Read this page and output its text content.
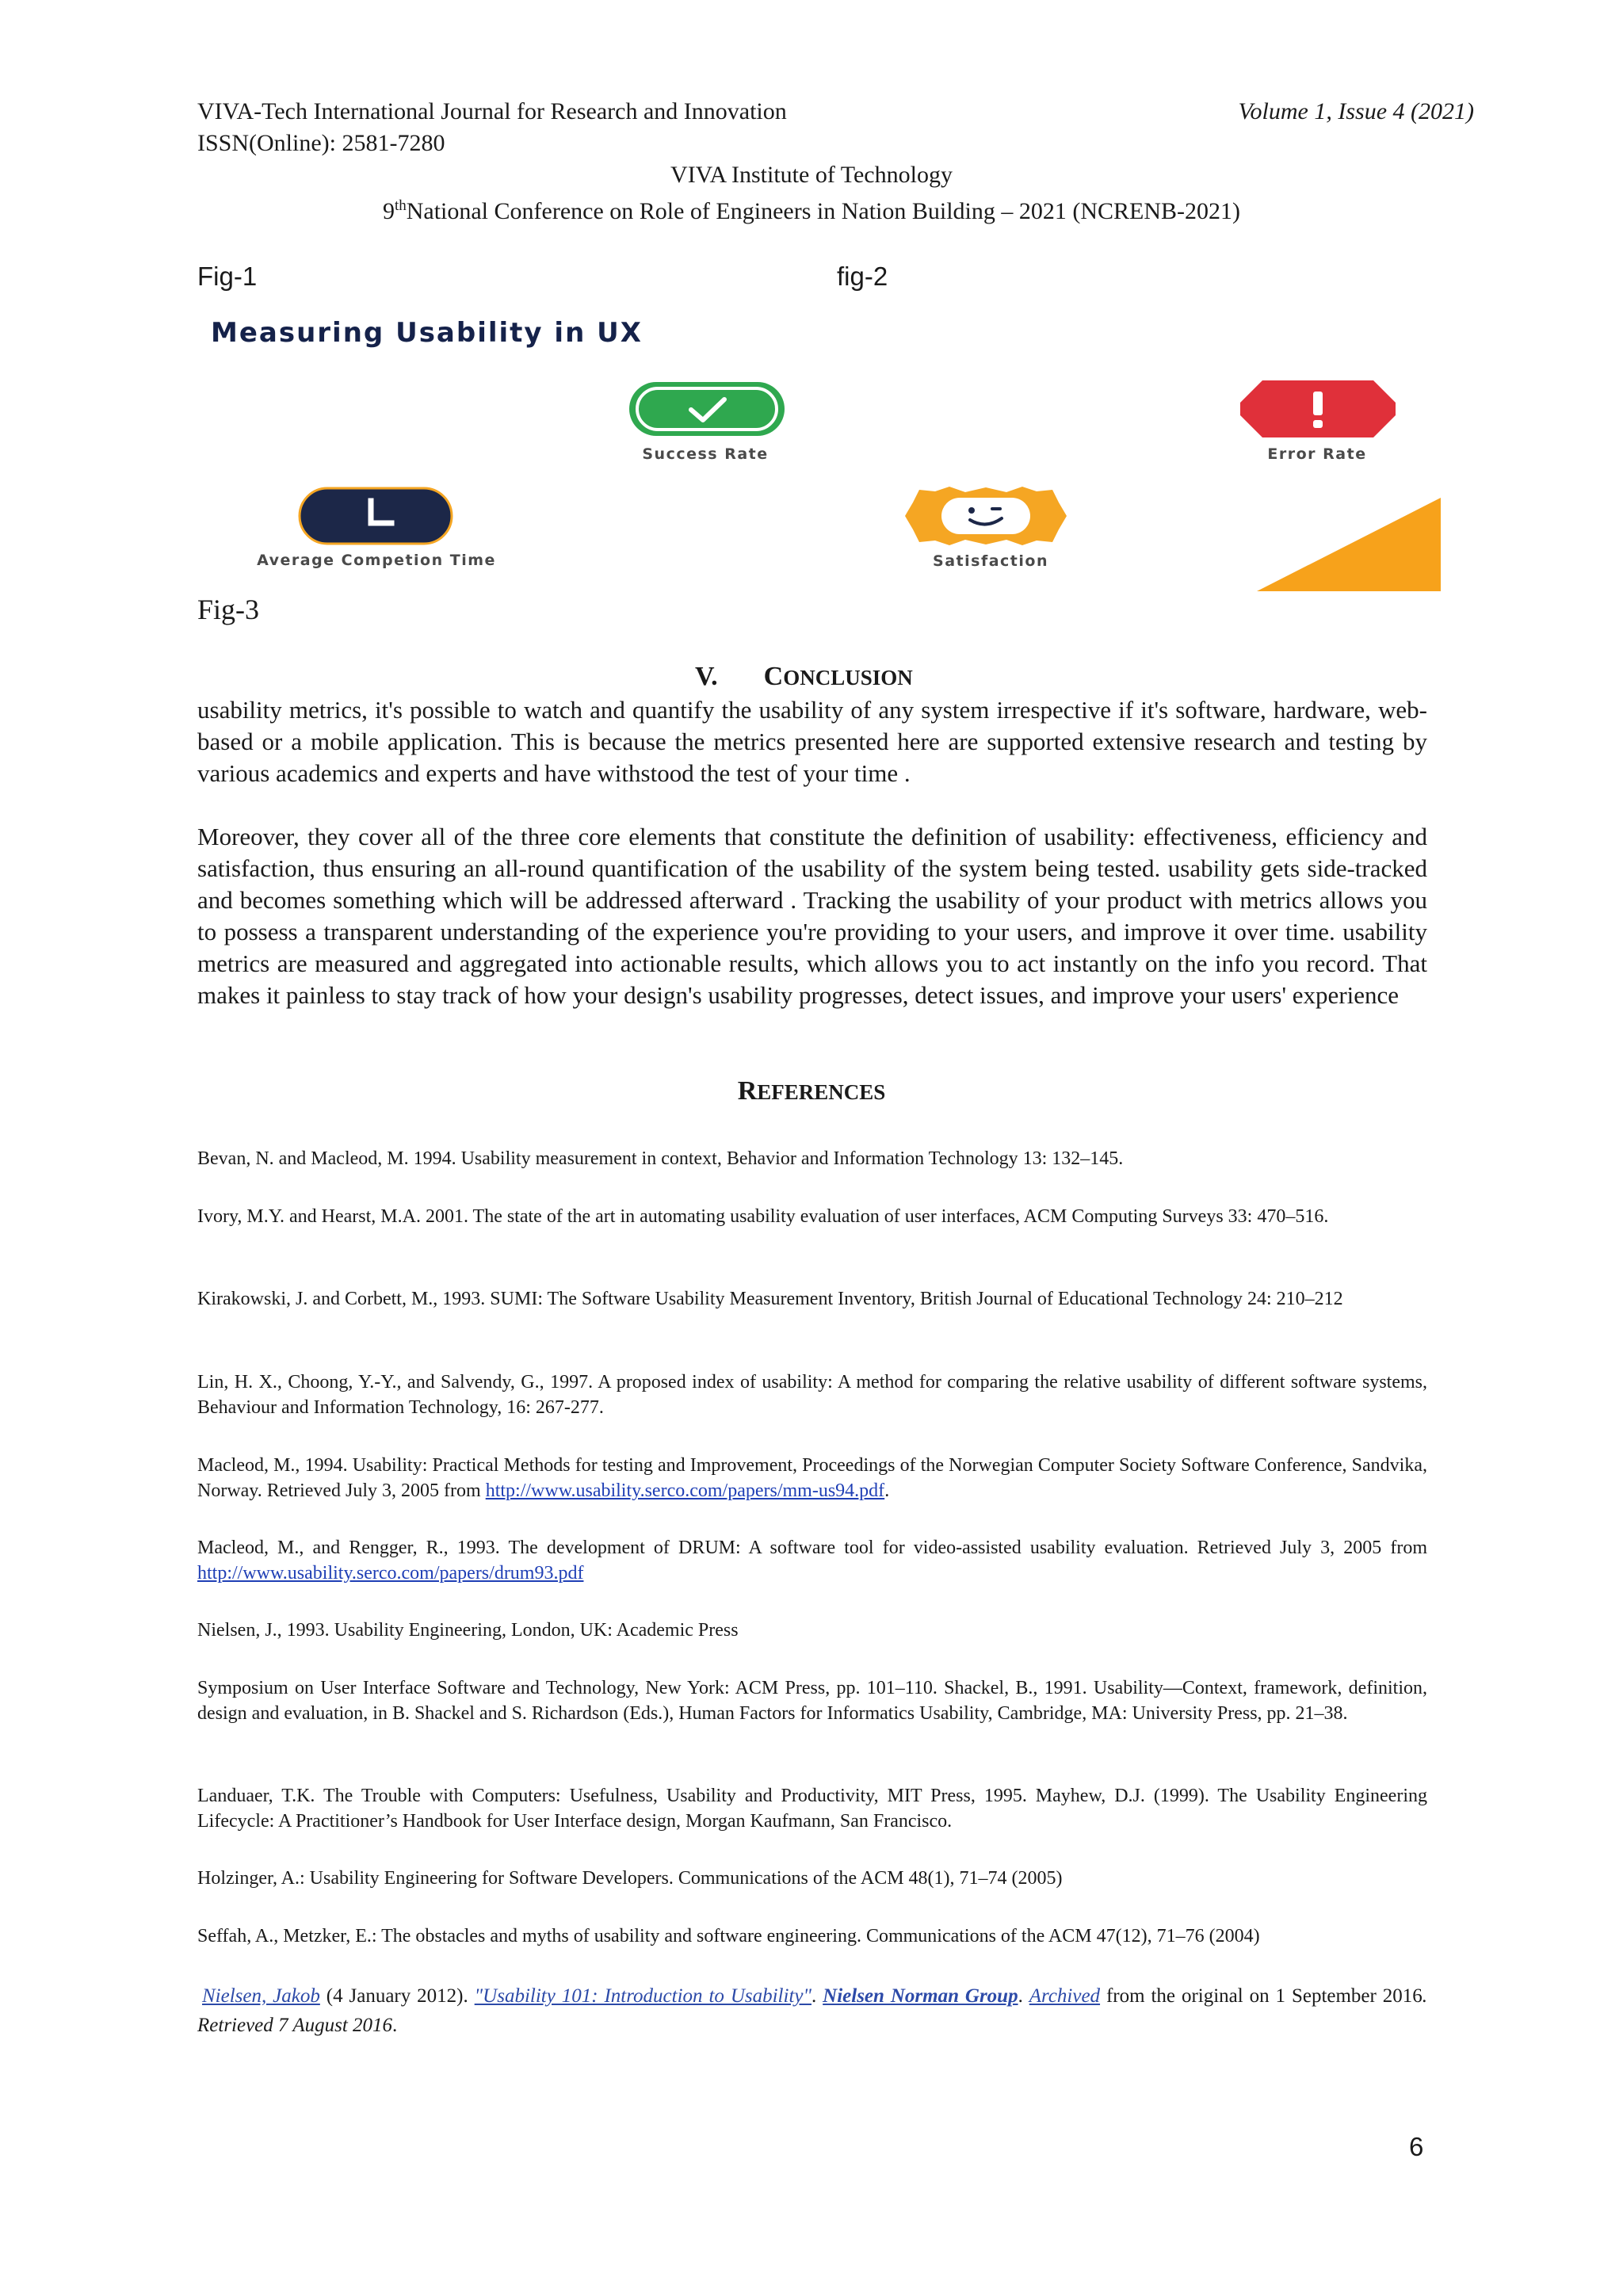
VIVA-Tech International Journal for Research and Innovation	Volume 1, Issue 4 (2021)
ISSN(Online): 2581-7280
VIVA Institute of Technology
9thNational Conference on Role of Engineers in Nation Building – 2021 (NCRENB-2021)
Fig-1	fig-2
Measuring Usability in UX
Success Rate	Error Rate
Average Competion Time	Satisfaction
Fig-3
V. CONCLUSION

usability metrics, it's possible to watch and quantify the usability of any system irrespective if it's software, hardware, web-based or a mobile application. This is because the metrics presented here are supported extensive research and testing by various academics and experts and have withstood the test of your time .

Moreover, they cover all of the three core elements that constitute the definition of usability: effectiveness, efficiency and satisfaction, thus ensuring an all-round quantification of the usability of the system being tested. usability gets side-tracked and becomes something which will be addressed afterward . Tracking the usability of your product with metrics allows you to possess a transparent understanding of the experience you're providing to your users, and improve it over time. usability metrics are measured and aggregated into actionable results, which allows you to act instantly on the info you record. That makes it painless to stay track of how your design's usability progresses, detect issues, and improve your users' experience

REFERENCES

Bevan, N. and Macleod, M. 1994. Usability measurement in context, Behavior and Information Technology 13: 132–145.

Ivory, M.Y. and Hearst, M.A. 2001. The state of the art in automating usability evaluation of user interfaces, ACM Computing Surveys 33: 470–516.

Kirakowski, J. and Corbett, M., 1993. SUMI: The Software Usability Measurement Inventory, British Journal of Educational Technology 24: 210–212

Lin, H. X., Choong, Y.-Y., and Salvendy, G., 1997. A proposed index of usability: A method for comparing the relative usability of different software systems, Behaviour and Information Technology, 16: 267-277.

Macleod, M., 1994. Usability: Practical Methods for testing and Improvement, Proceedings of the Norwegian Computer Society Software Conference, Sandvika, Norway. Retrieved July 3, 2005 from http://www.usability.serco.com/papers/mm-us94.pdf.

Macleod, M., and Rengger, R., 1993. The development of DRUM: A software tool for video-assisted usability evaluation. Retrieved July 3, 2005 from http://www.usability.serco.com/papers/drum93.pdf

Nielsen, J., 1993. Usability Engineering, London, UK: Academic Press

Symposium on User Interface Software and Technology, New York: ACM Press, pp. 101–110. Shackel, B., 1991. Usability—Context, framework, definition, design and evaluation, in B. Shackel and S. Richardson (Eds.), Human Factors for Informatics Usability, Cambridge, MA: University Press, pp. 21–38.

Landuaer, T.K. The Trouble with Computers: Usefulness, Usability and Productivity, MIT Press, 1995. Mayhew, D.J. (1999). The Usability Engineering Lifecycle: A Practitioner’s Handbook for User Interface design, Morgan Kaufmann, San Francisco.

Holzinger, A.: Usability Engineering for Software Developers. Communications of the ACM 48(1), 71–74 (2005)

Seffah, A., Metzker, E.: The obstacles and myths of usability and software engineering. Communications of the ACM 47(12), 71–76 (2004)

Nielsen, Jakob (4 January 2012). "Usability 101: Introduction to Usability". Nielsen Norman Group. Archived from the original on 1 September 2016. Retrieved 7 August 2016.

6
